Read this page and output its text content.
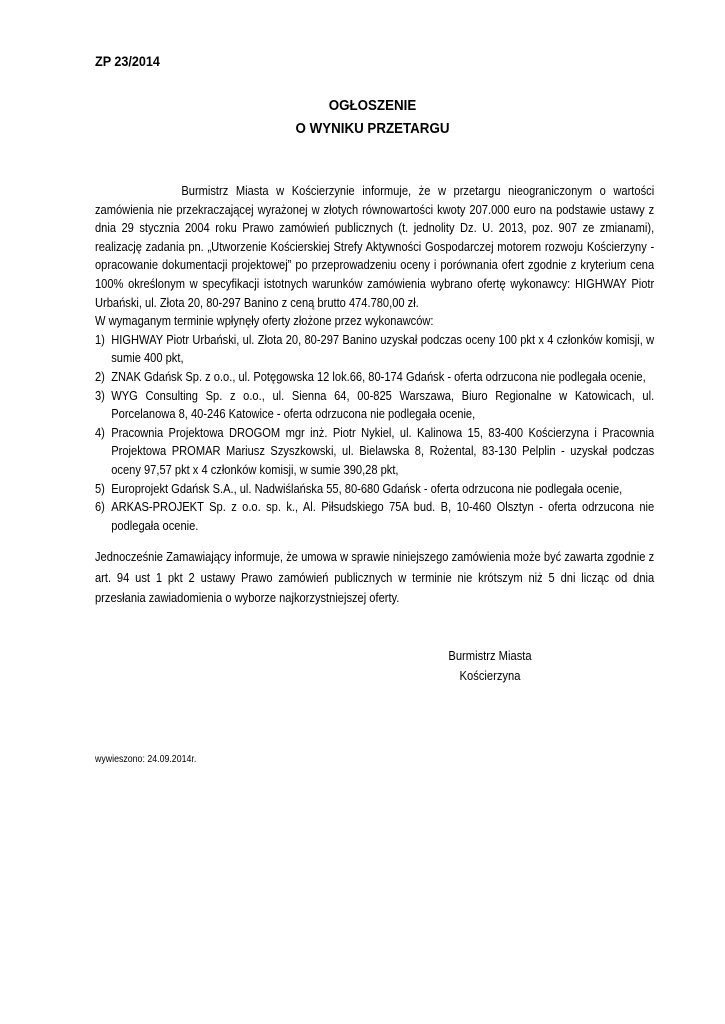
ZP 23/2014
OGŁOSZENIE
O WYNIKU PRZETARGU

Burmistrz Miasta w Kościerzynie informuje, że w przetargu nieograniczonym o wartości zamówienia nie przekraczającej wyrażonej w złotych równowartości kwoty 207.000 euro na podstawie ustawy z dnia 29 stycznia 2004 roku Prawo zamówień publicznych (t. jednolity Dz. U. 2013, poz. 907 ze zmianami), realizację zadania pn. „Utworzenie Kościerskiej Strefy Aktywności Gospodarczej motorem rozwoju Kościerzyny - opracowanie dokumentacji projektowej” po przeprowadzeniu oceny i porównania ofert zgodnie z kryterium cena 100% określonym w specyfikacji istotnych warunków zamówienia wybrano ofertę wykonawcy: HIGHWAY Piotr Urbański, ul. Złota 20, 80-297 Banino z ceną brutto 474.780,00 zł.

W wymaganym terminie wpłynęły oferty złożone przez wykonawców:

1) HIGHWAY Piotr Urbański, ul. Złota 20, 80-297 Banino uzyskał podczas oceny 100 pkt x 4 członków komisji, w sumie 400 pkt,
2) ZNAK Gdańsk Sp. z o.o., ul. Potęgowska 12 lok.66, 80-174 Gdańsk - oferta odrzucona nie podlegała ocenie,
3) WYG Consulting Sp. z o.o., ul. Sienna 64, 00-825 Warszawa, Biuro Regionalne w Katowicach, ul. Porcelanowa 8, 40-246 Katowice - oferta odrzucona nie podlegała ocenie,
4) Pracownia Projektowa DROGOM mgr inż. Piotr Nykiel, ul. Kalinowa 15, 83-400 Kościerzyna i Pracownia Projektowa PROMAR Mariusz Szyszkowski, ul. Bielawska 8, Rożental, 83-130 Pelplin - uzyskał podczas oceny 97,57 pkt x 4 członków komisji, w sumie 390,28 pkt,
5) Europrojekt Gdańsk S.A., ul. Nadwiślańska 55, 80-680 Gdańsk - oferta odrzucona nie podlegała ocenie,
6) ARKAS-PROJEKT Sp. z o.o. sp. k., Al. Piłsudskiego 75A bud. B, 10-460 Olsztyn - oferta odrzucona nie podlegała ocenie.

Jednocześnie Zamawiający informuje, że umowa w sprawie niniejszego zamówienia może być zawarta zgodnie z art. 94 ust 1 pkt 2 ustawy Prawo zamówień publicznych w terminie nie krótszym niż 5 dni licząc od dnia przesłania zawiadomienia o wyborze najkorzystniejszej oferty.

Burmistrz Miasta
Kościerzyna
wywieszono: 24.09.2014r.
